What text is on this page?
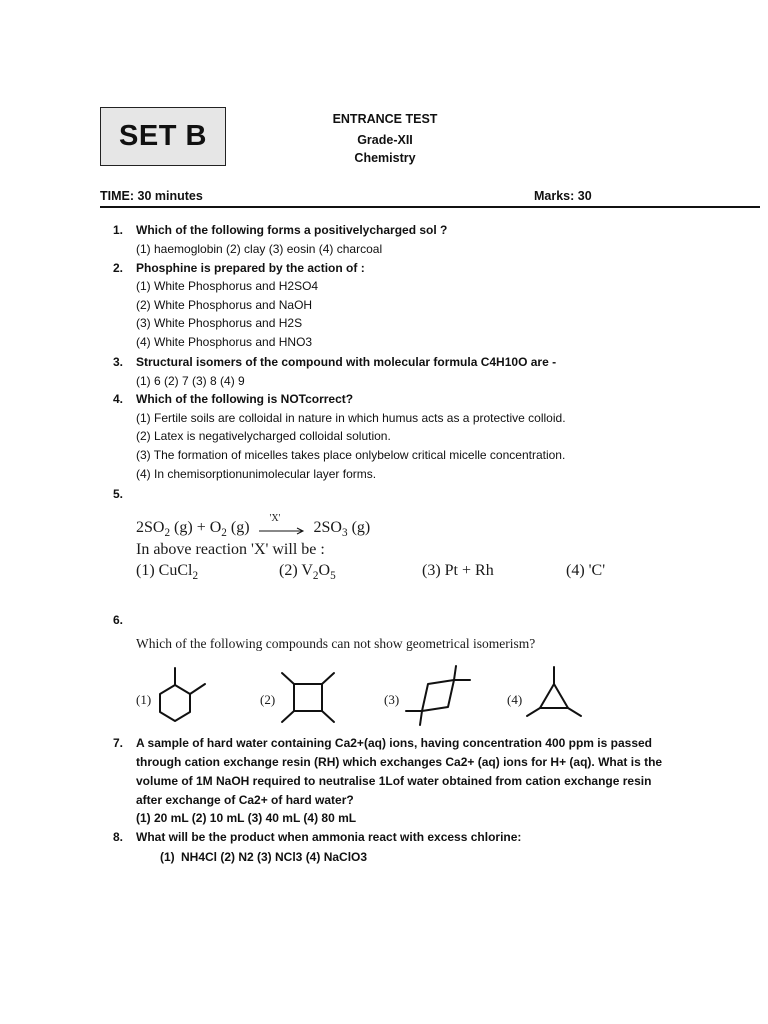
SET B
ENTRANCE TEST
Grade-XII
Chemistry
TIME: 30 minutes	Marks: 30
1. Which of the following forms a positivelycharged sol ?
(1) haemoglobin (2) clay (3) eosin (4) charcoal
2. Phosphine is prepared by the action of :
(1) White Phosphorus and H2SO4
(2) White Phosphorus and NaOH
(3) White Phosphorus and H2S
(4) White Phosphorus and HNO3
3. Structural isomers of the compound with molecular formula C4H10O are -
(1) 6 (2) 7 (3) 8 (4) 9
4. Which of the following is NOTcorrect?
(1) Fertile soils are colloidal in nature in which humus acts as a protective colloid.
(2) Latex is negativelycharged colloidal solution.
(3) The formation of micelles takes place onlybelow critical micelle concentration.
(4) In chemisorptionunimolecular layer forms.
5.
$2SO_2$ $(g) + O_2$ (g)
'X'
$2SO_3$ (g)
In above reaction 'X' will be :
(1) CuCl$_2$	(2) $V_2O_5$	(3) Pt + Rh	(4) 'C'
6.
Which of the following compounds can not show geometrical isomerism?
(1)	(2)	(3)	(4)
7. A sample of hard water containing Ca2+(aq) ions, having concentration 400 ppm is passed
through cation exchange resin (RH) which exchanges Ca2+ (aq) ions for H+ (aq). What is the
volume of 1M NaOH required to neutralise 1Lof water obtained from cation exchange resin
after exchange of Ca2+ of hard water?
(1) 20 mL (2) 10 mL (3) 40 mL (4) 80 mL
8. What will be the product when ammonia react with excess chlorine:
(1) NH4Cl (2) N2 (3) NCl3 (4) NaClO3
